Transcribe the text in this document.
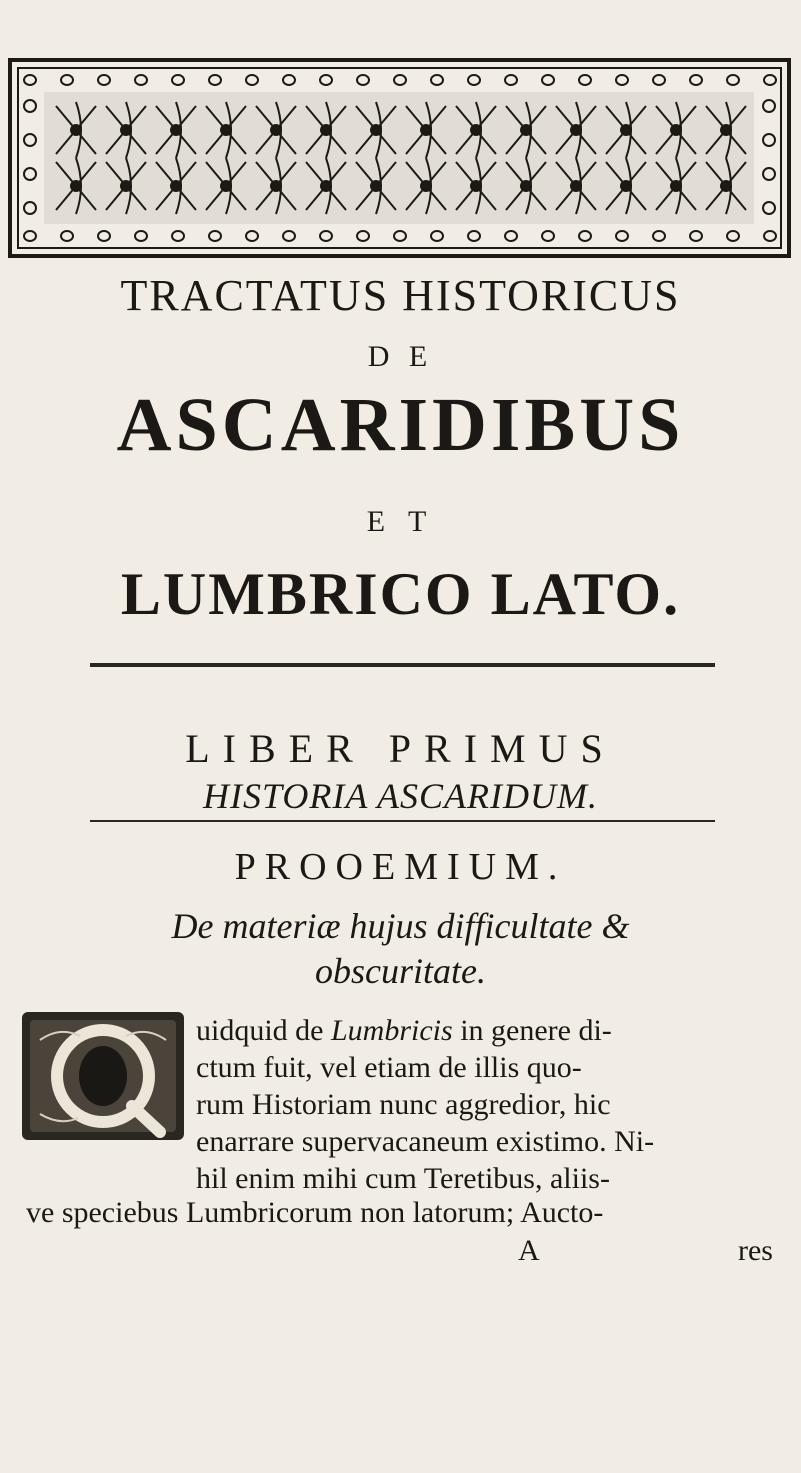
TRACTATUS HISTORICUS
D E
ASCARIDIBUS
E T
LUMBRICO LATO.
LIBER PRIMUS
HISTORIA ASCARIDUM.
PROOEMIUM.
De materiæ hujus difficultate &
obscuritate.
uidquid de Lumbricis in genere di-
ctum fuit, vel etiam de illis quo-
rum Historiam nunc aggredior, hic
enarrare supervacaneum existimo. Ni-
hil enim mihi cum Teretibus, aliis-
ve speciebus Lumbricorum non latorum; Aucto-
A	res
